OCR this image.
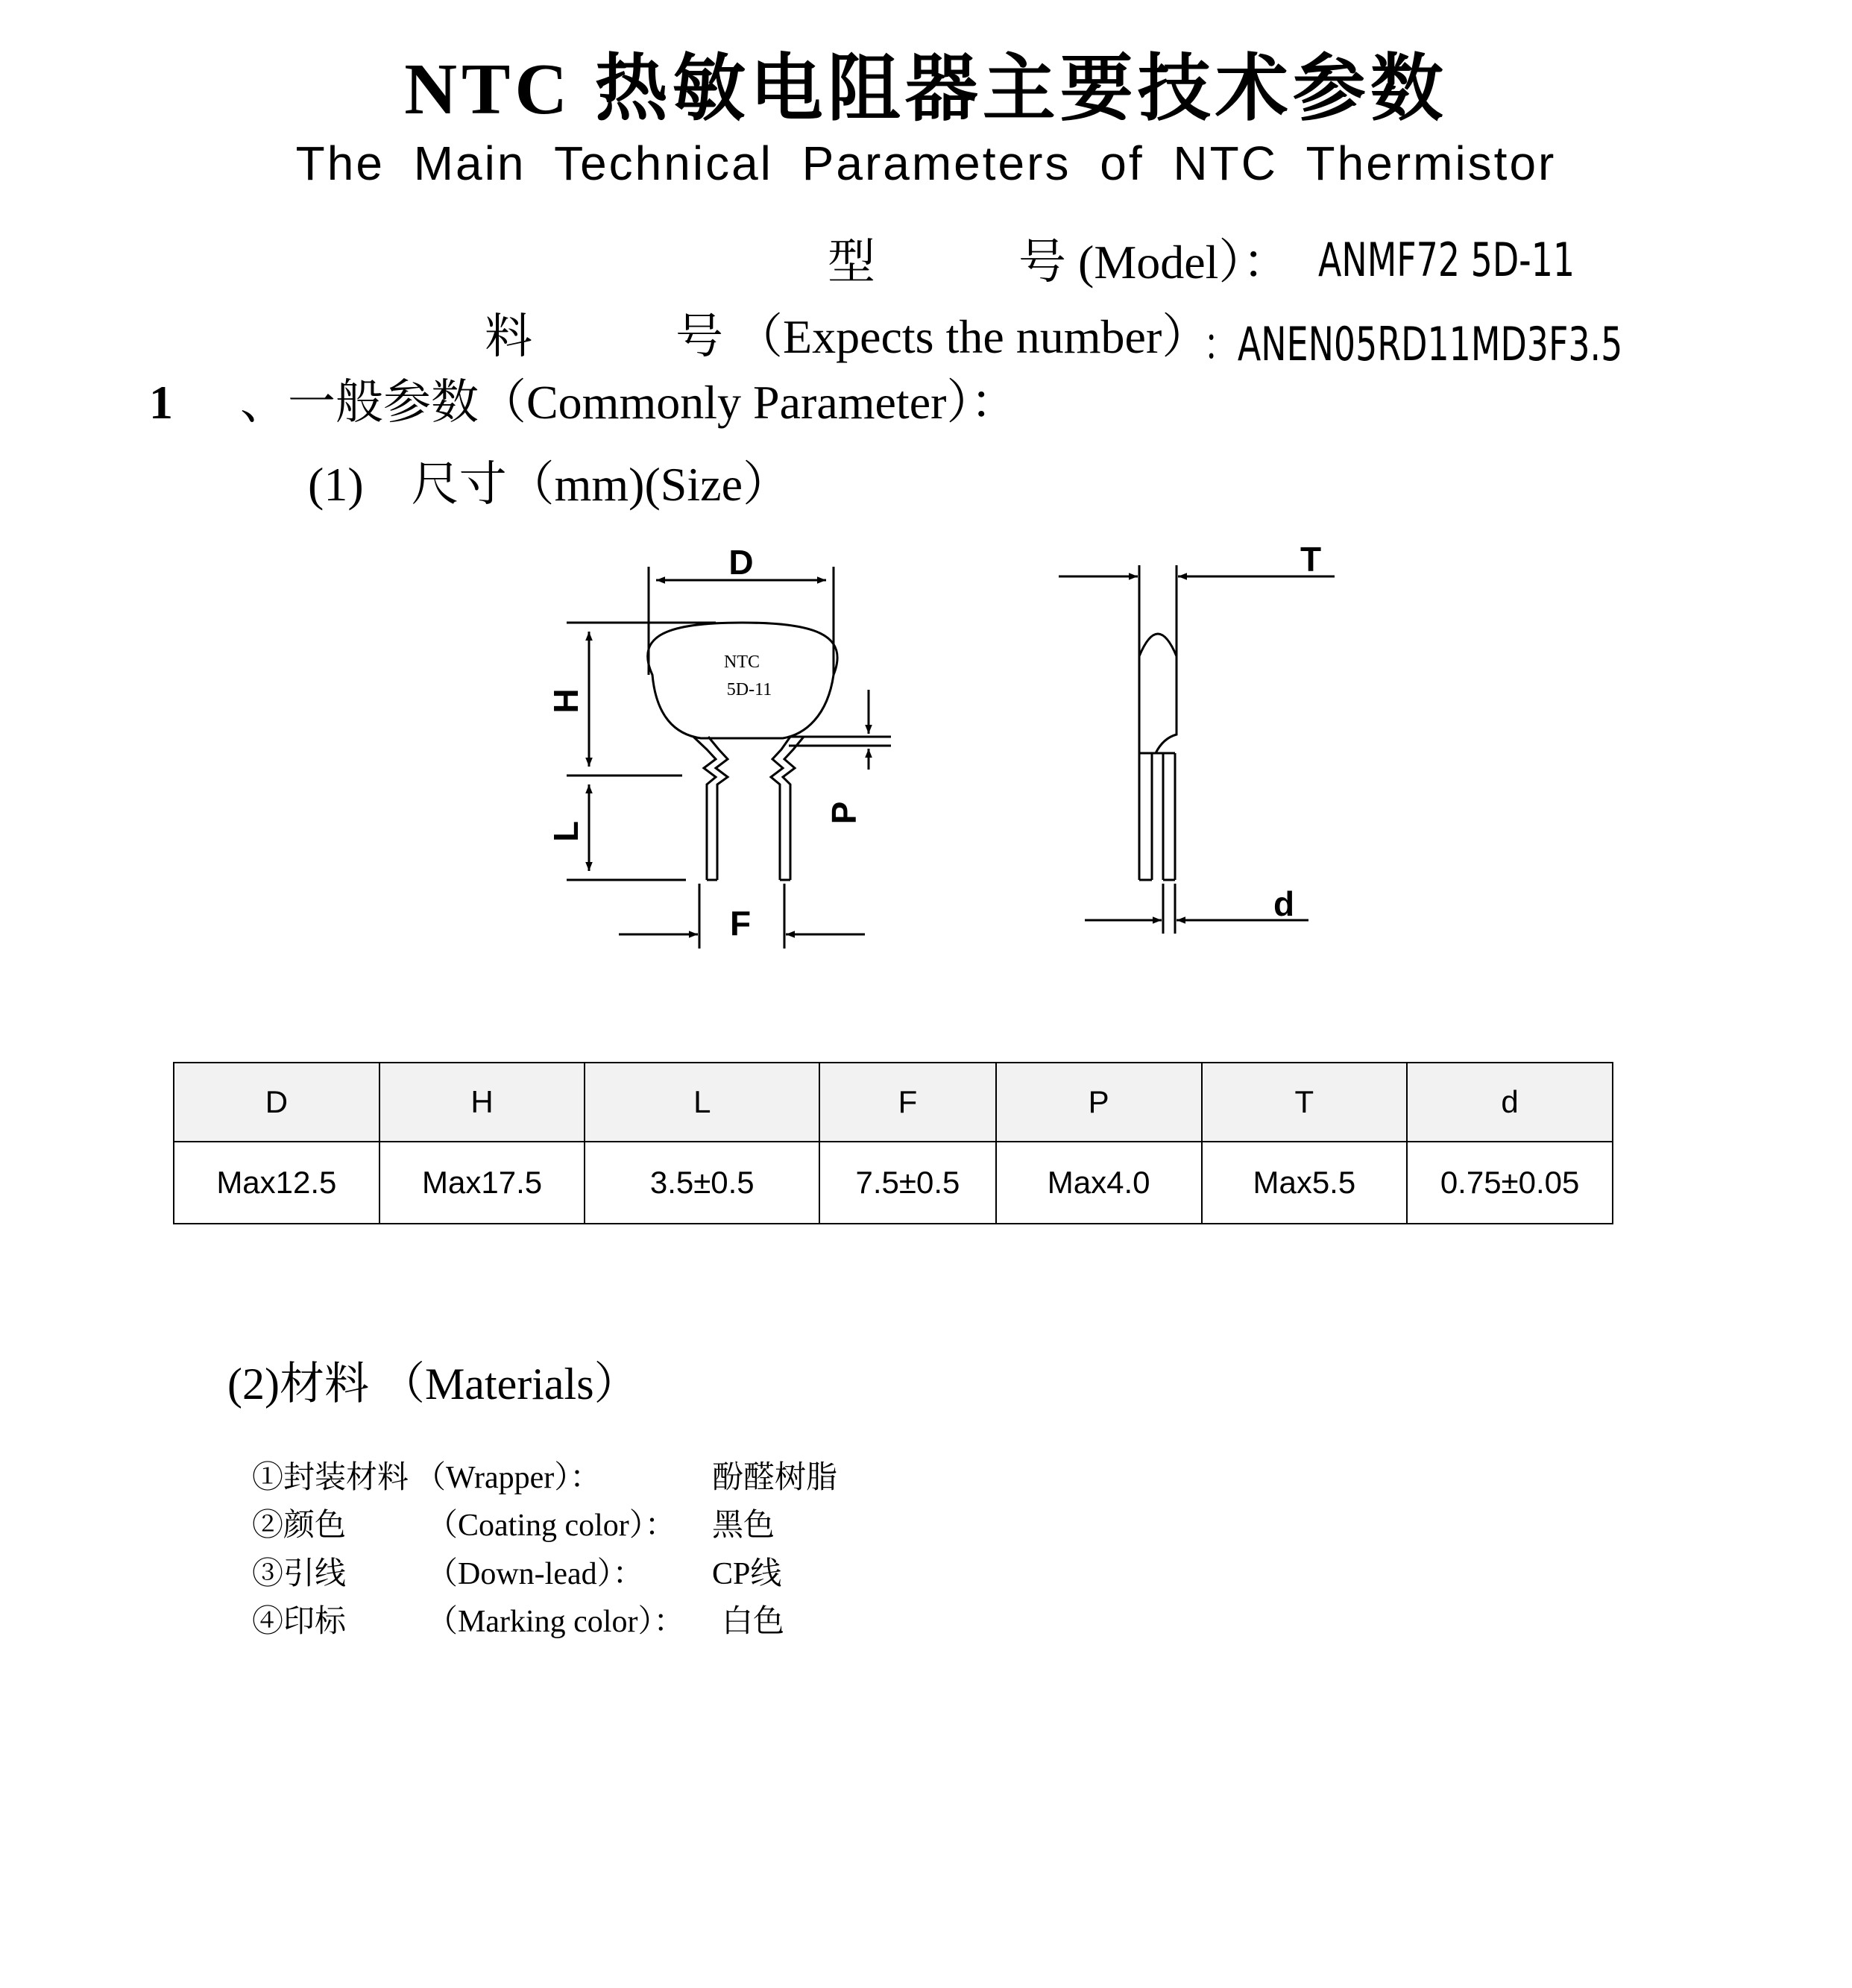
NTC 热敏电阻器主要技术参数
The Main Technical Parameters of NTC Thermistor
型　　　号 (Model）： ANMF72 5D-11
料　　　号 （Expects the number）
：ANEN05RD11MD3F3.5
1 、一般参数（Commonly Parameter）：
(1)　尺寸（mm)(Size）
D
NTC
5D-11
H
L
P
F
T
d
D	H	L	F	P	T	d
Max12.5	Max17.5	3.5±0.5	7.5±0.5	Max4.0	Max5.5	0.75±0.05
(2)材料 （Materials）
①封装材料 （Wrapper）：	酚醛树脂
②颜色	（Coating color）： 黑色
③引线	（Down-lead）： CP线
④印标	（Marking color）： 白色
